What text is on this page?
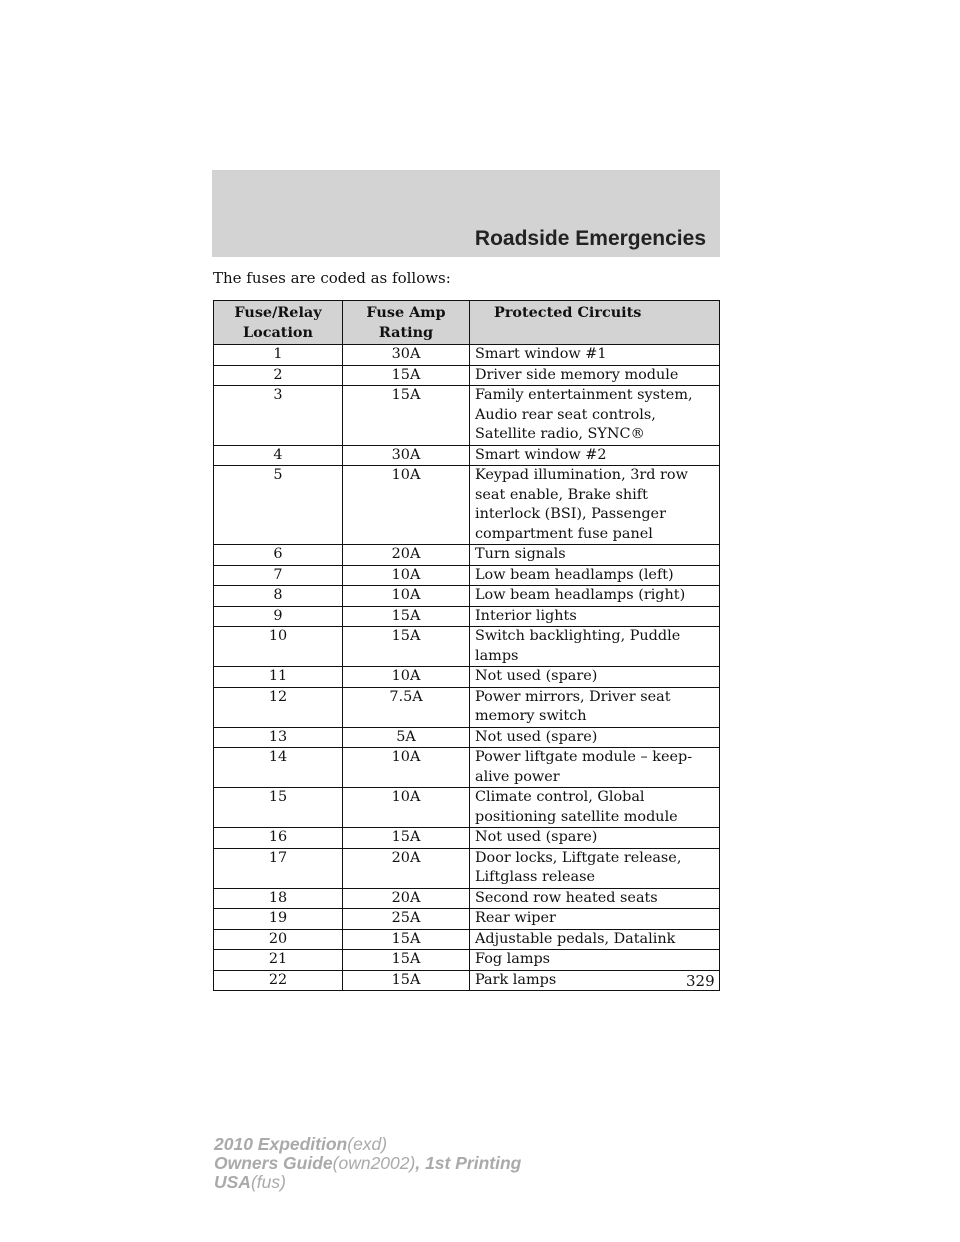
Roadside Emergencies
The fuses are coded as follows:
Fuse/Relay Location	Fuse Amp Rating	Protected Circuits
1	30A	Smart window #1
2	15A	Driver side memory module
3	15A	Family entertainment system, Audio rear seat controls, Satellite radio, SYNC®
4	30A	Smart window #2
5	10A	Keypad illumination, 3rd row seat enable, Brake shift interlock (BSI), Passenger compartment fuse panel
6	20A	Turn signals
7	10A	Low beam headlamps (left)
8	10A	Low beam headlamps (right)
9	15A	Interior lights
10	15A	Switch backlighting, Puddle lamps
11	10A	Not used (spare)
12	7.5A	Power mirrors, Driver seat memory switch
13	5A	Not used (spare)
14	10A	Power liftgate module – keep-alive power
15	10A	Climate control, Global positioning satellite module
16	15A	Not used (spare)
17	20A	Door locks, Liftgate release, Liftglass release
18	20A	Second row heated seats
19	25A	Rear wiper
20	15A	Adjustable pedals, Datalink
21	15A	Fog lamps
22	15A	Park lamps	329
2010 Expedition(exd)
Owners Guide(own2002), 1st Printing
USA(fus)
